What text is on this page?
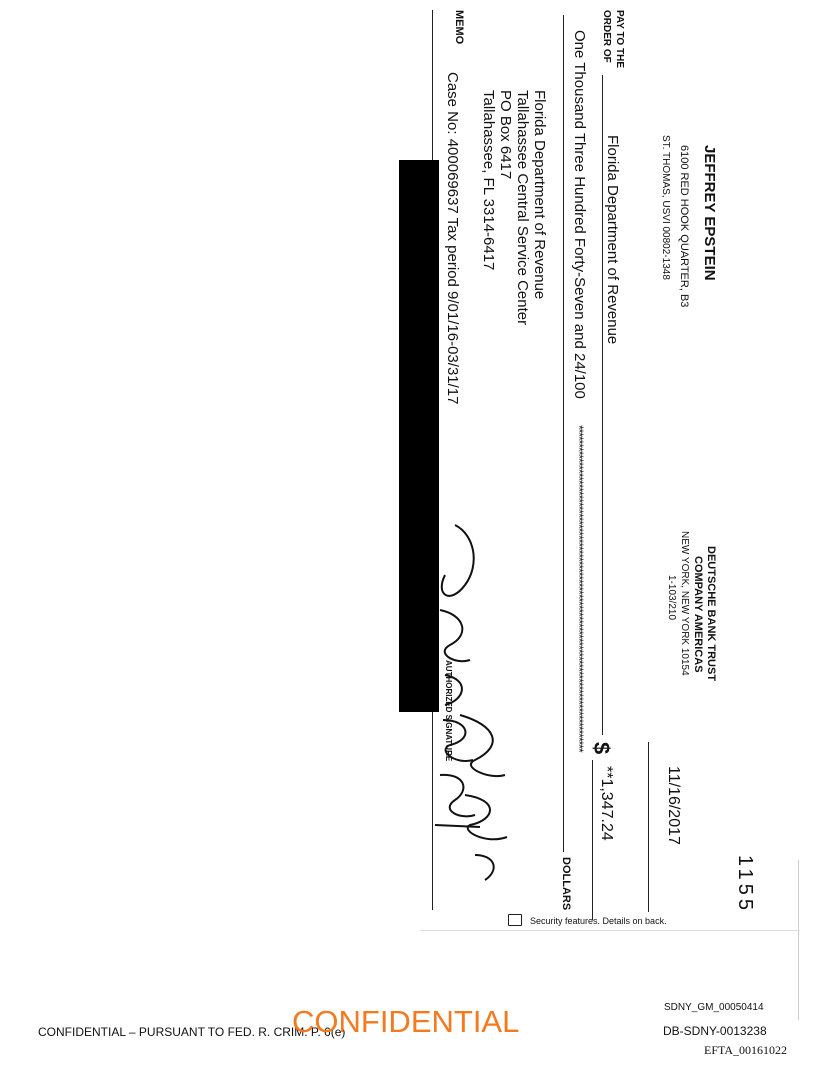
JEFFREY EPSTEIN
6100 RED HOOK QUARTER, B3
ST. THOMAS, USVI 00802-1348
DEUTSCHE BANK TRUST
COMPANY AMERICAS
NEW YORK, NEW YORK 10154
1-103/210
1155
11/16/2017
PAY TO THE
ORDER OF
Florida Department of Revenue
$
**1,347.24
One Thousand Three Hundred Forty-Seven and 24/100
*****************************************************************************************
DOLLARS
Florida Department of Revenue
Tallahassee Central Service Center
PO Box 6417
Tallahassee, FL 3314-6417
MEMO
Case No: 400069637 Tax period 9/01/16-03/31/17
AUTHORIZED SIGNATURE
Security features. Details on back.
CONFIDENTIAL – PURSUANT TO FED. R. CRIM. P. 6(e)
CONFIDENTIAL	SDNY_GM_00050414
DB-SDNY-0013238
EFTA_00161022
